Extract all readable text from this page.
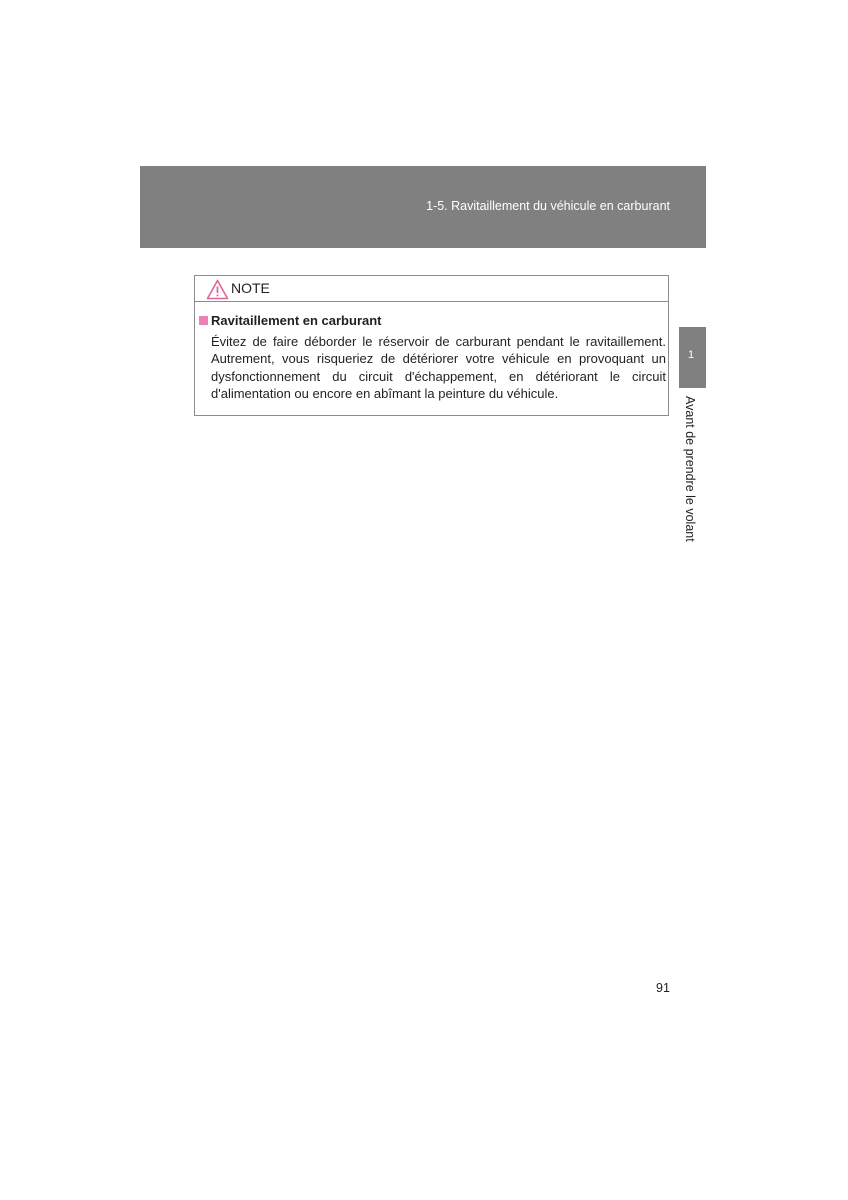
1-5. Ravitaillement du véhicule en carburant
1
Avant de prendre le volant
NOTE
Ravitaillement en carburant
Évitez de faire déborder le réservoir de carburant pendant le ravitaillement. Autrement, vous risqueriez de détériorer votre véhicule en provoquant un dysfonctionnement du circuit d'échappement, en détériorant le circuit d'alimentation ou encore en abîmant la peinture du véhicule.
91
